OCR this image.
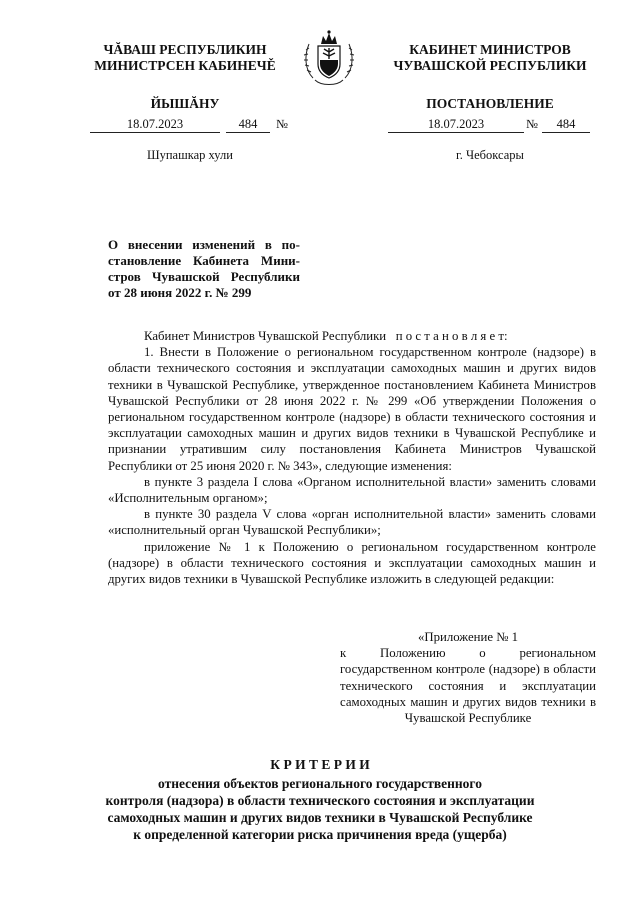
ЧĂВАШ РЕСПУБЛИКИН
МИНИСТРСЕН КАБИНЕЧĚ
ЙЫШĂНУ
КАБИНЕТ МИНИСТРОВ
ЧУВАШСКОЙ РЕСПУБЛИКИ
ПОСТАНОВЛЕНИЕ
18.07.2023	484	№	18.07.2023	№	484
Шупашкар хули	г. Чебоксары
О внесении изменений в по-
становление Кабинета Мини-
стров Чувашской Республики
от 28 июня 2022 г. № 299

Кабинет Министров Чувашской Республики п о с т а н о в л я е т:

1. Внести в Положение о региональном государственном контроле (надзоре) в области технического состояния и эксплуатации самоходных машин и других видов техники в Чувашской Республике, утвержденное постановлением Кабинета Министров Чувашской Республики от 28 июня 2022 г. № 299 «Об утверждении Положения о региональном государственном контроле (надзоре) в области технического состояния и эксплуатации самоходных машин и других видов техники в Чувашской Республике и признании утратившим силу постановления Кабинета Министров Чувашской Республики от 25 июня 2020 г. № 343», следующие изменения:

в пункте 3 раздела I слова «Органом исполнительной власти» заменить словами «Исполнительным органом»;

в пункте 30 раздела V слова «орган исполнительной власти» заменить словами «исполнительный орган Чувашской Республики»;

приложение № 1 к Положению о региональном государственном контроле (надзоре) в области технического состояния и эксплуатации самоходных машин и других видов техники в Чувашской Республике изложить в следующей редакции:

«Приложение № 1
к Положению о региональном государственном контроле (надзоре) в области технического состояния и эксплуатации самоходных машин и других видов техники в Чувашской Республике
К Р И Т Е Р И И
отнесения объектов регионального государственного
контроля (надзора) в области технического состояния и эксплуатации
самоходных машин и других видов техники в Чувашской Республике
к определенной категории риска причинения вреда (ущерба)
